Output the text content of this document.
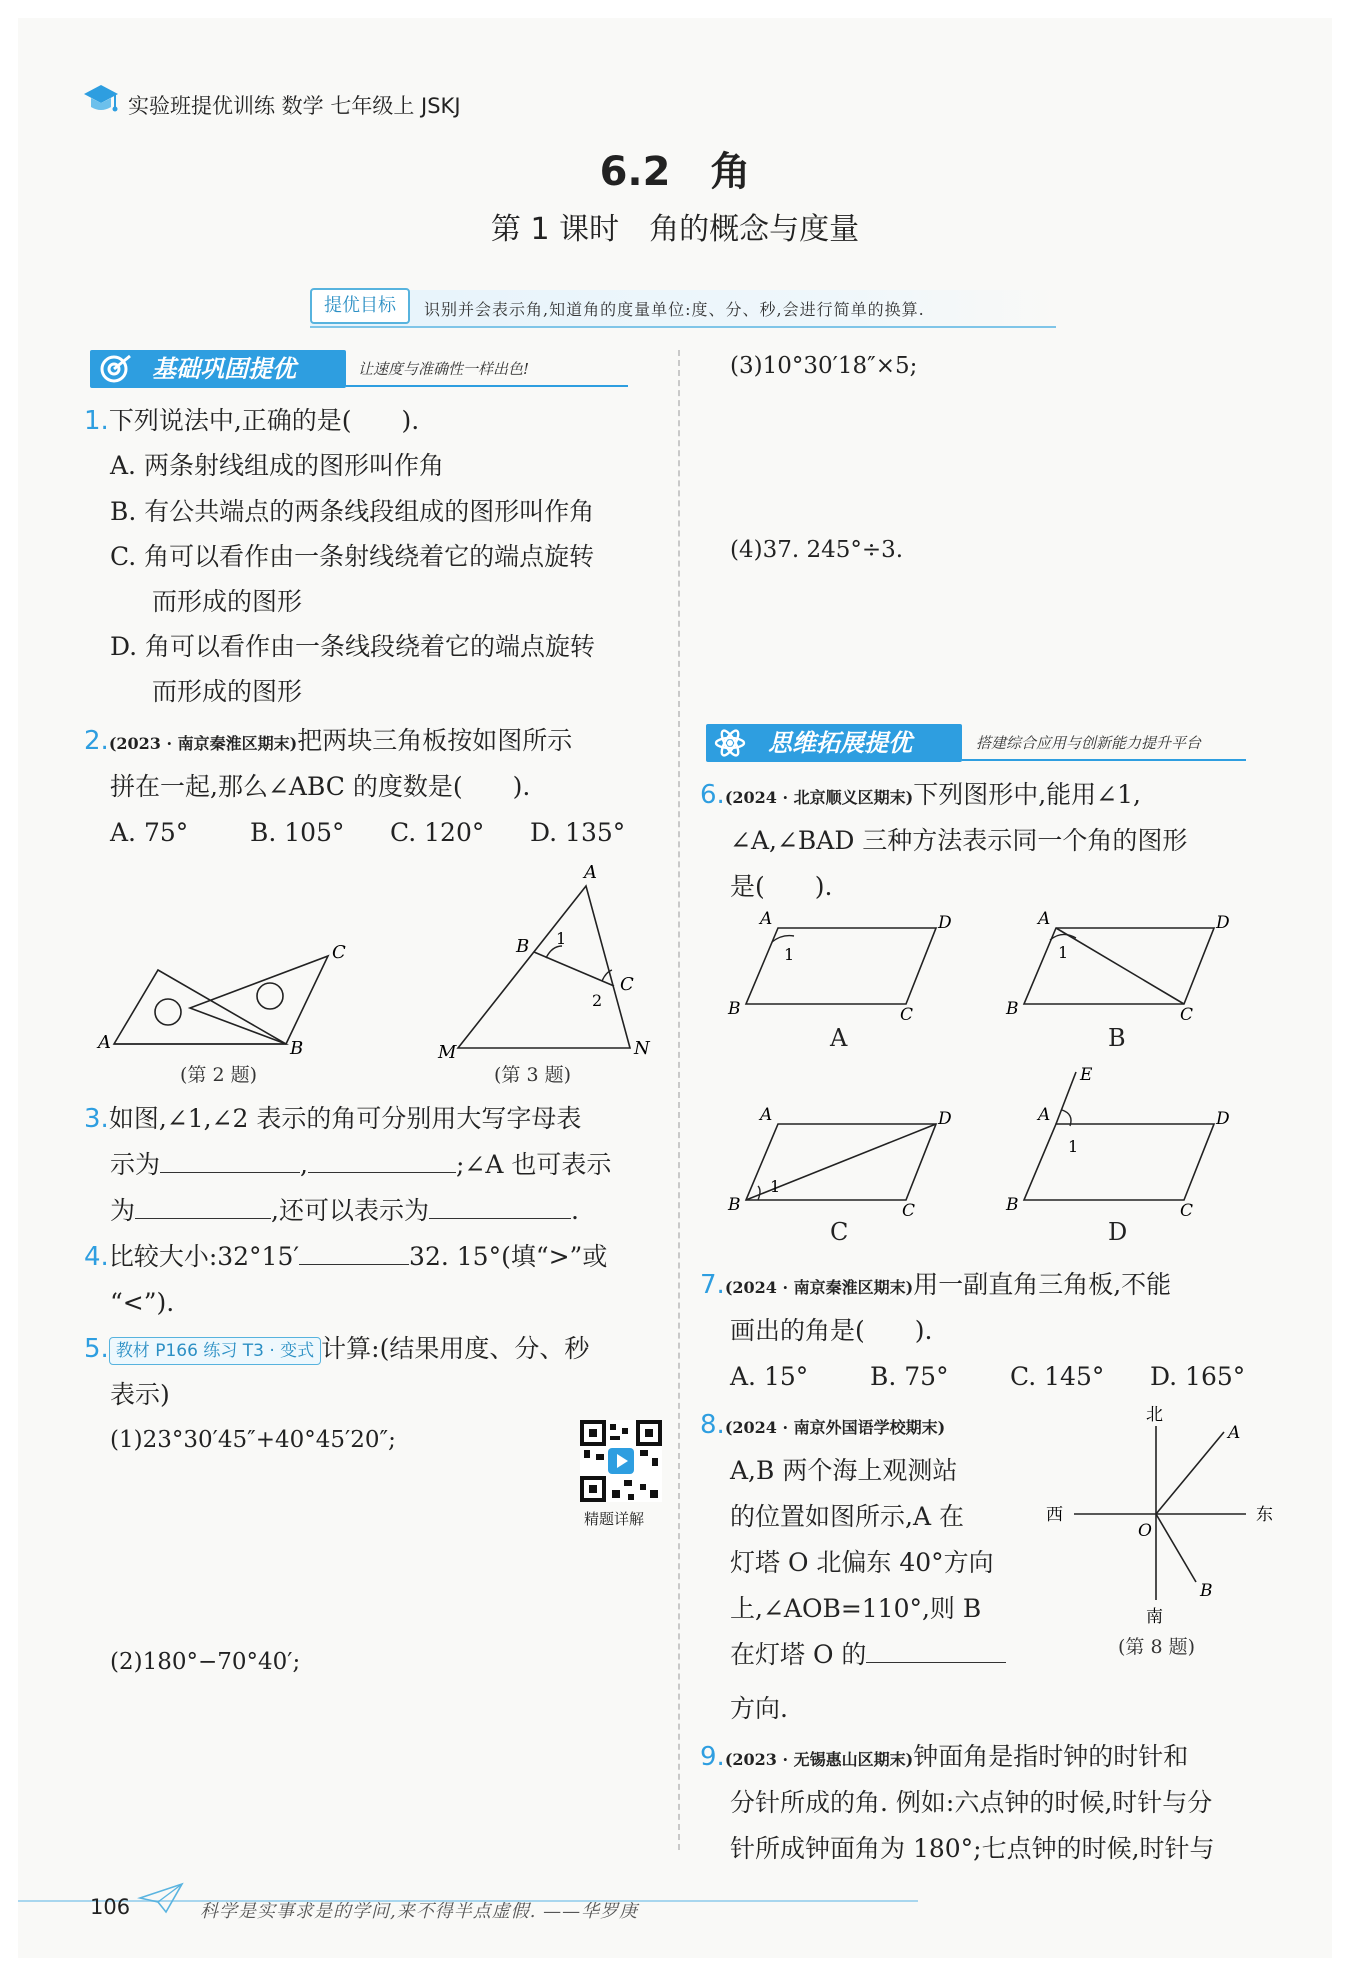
实验班提优训练 数学 七年级上 JSKJ
6.2　角
第 1 课时　角的概念与度量
提优目标	识别并会表示角,知道角的度量单位:度、分、秒,会进行简单的换算.
基础巩固提优	让速度与准确性一样出色!
1.下列说法中,正确的是(　　).
A. 两条射线组成的图形叫作角
B. 有公共端点的两条线段组成的图形叫作角
C. 角可以看作由一条射线绕着它的端点旋转
而形成的图形
D. 角可以看作由一条线段绕着它的端点旋转
而形成的图形
2.(2023 · 南京秦淮区期末)把两块三角板按如图所示
拼在一起,那么∠ABC 的度数是(　　).
A. 75° B. 105° C. 120° D. 135°
A	B
C
(第 2 题)
A
B
C
M	N
1
2
(第 3 题)
3.如图,∠1,∠2 表示的角可分别用大写字母表
示为	,	;∠A 也可表示
为	,还可以表示为	.
4.比较大小:32°15′	32. 15°(填“>”或
“<”).
5. 教材 P166 练习 T3 · 变式 计算:(结果用度、分、秒
表示)
(1)23°30′45″+40°45′20″;
精题详解
(2)180°−70°40′;
(3)10°30′18″×5;
(4)37. 245°÷3.
思维拓展提优	搭建综合应用与创新能力提升平台
6.(2024 · 北京顺义区期末)下列图形中,能用∠1,
∠A,∠BAD 三种方法表示同一个角的图形
是(　　).
A	D
B	C
1
A
A	D
B	C
1
B
A	D
B	C
1
C
E
A	D
B	C
1
D
7.(2024 · 南京秦淮区期末)用一副直角三角板,不能
画出的角是(　　).
A. 15° B. 75° C. 145° D. 165°
8.(2024 · 南京外国语学校期末)
A,B 两个海上观测站
的位置如图所示,A 在
灯塔 O 北偏东 40°方向
上,∠AOB=110°,则 B
在灯塔 O 的
方向.
北
南
西	东
O
A
B
(第 8 题)
9.(2023 · 无锡惠山区期末)钟面角是指时钟的时针和
分针所成的角. 例如:六点钟的时候,时针与分
针所成钟面角为 180°;七点钟的时候,时针与
106	科学是实事求是的学问,来不得半点虚假. ——华罗庚
